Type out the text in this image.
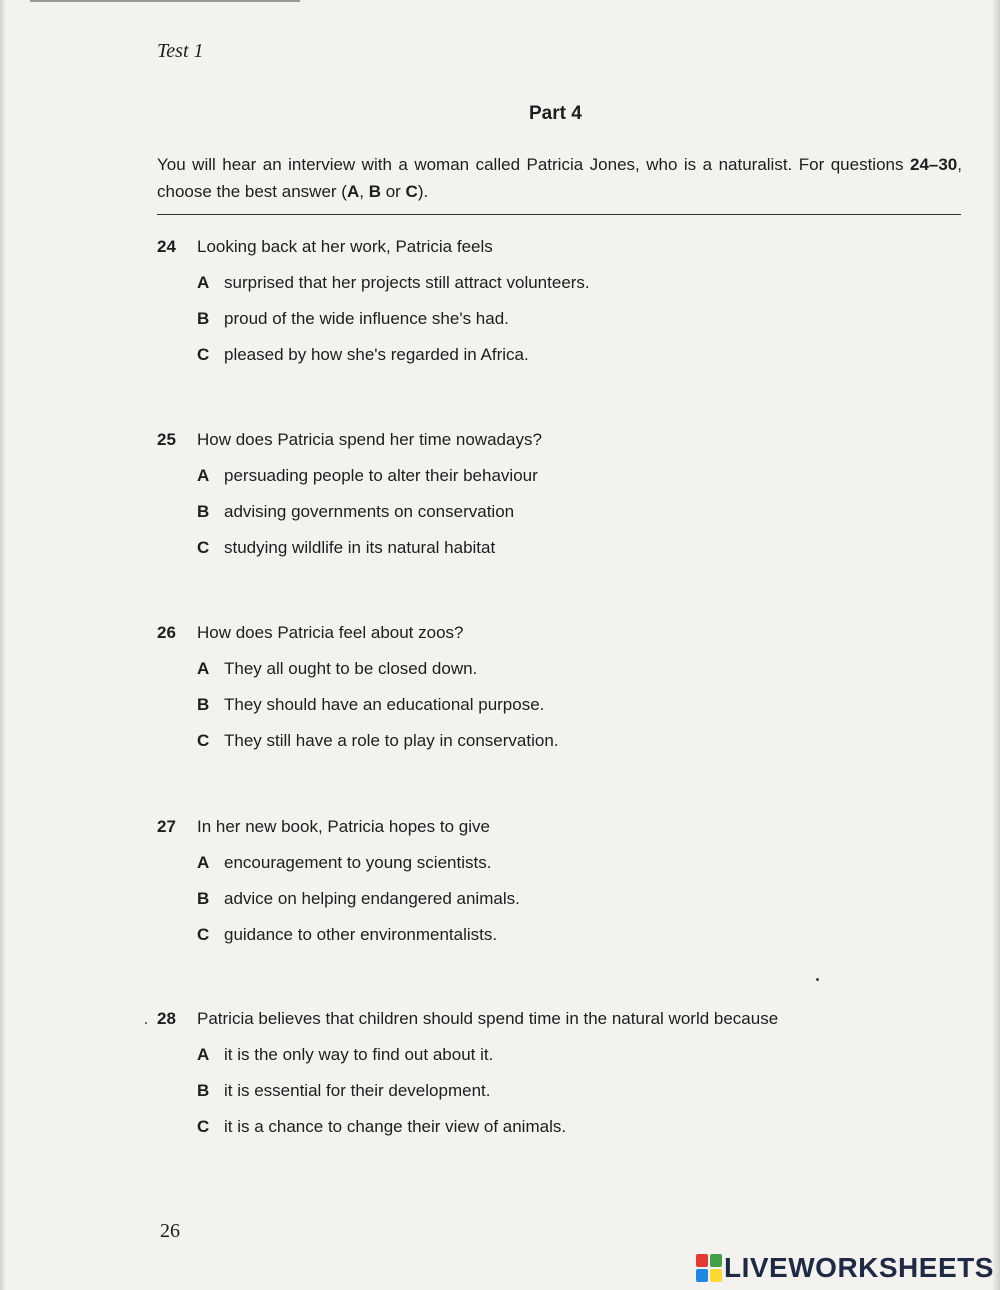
Test 1
Part 4
You will hear an interview with a woman called Patricia Jones, who is a naturalist. For questions 24–30, choose the best answer (A, B or C).
24 Looking back at her work, Patricia feels
A surprised that her projects still attract volunteers.
B proud of the wide influence she's had.
C pleased by how she's regarded in Africa.
25 How does Patricia spend her time nowadays?
A persuading people to alter their behaviour
B advising governments on conservation
C studying wildlife in its natural habitat
26 How does Patricia feel about zoos?
A They all ought to be closed down.
B They should have an educational purpose.
C They still have a role to play in conservation.
27 In her new book, Patricia hopes to give
A encouragement to young scientists.
B advice on helping endangered animals.
C guidance to other environmentalists.
28 Patricia believes that children should spend time in the natural world because
A it is the only way to find out about it.
B it is essential for their development.
C it is a chance to change their view of animals.
26
LIVEWORKSHEETS
